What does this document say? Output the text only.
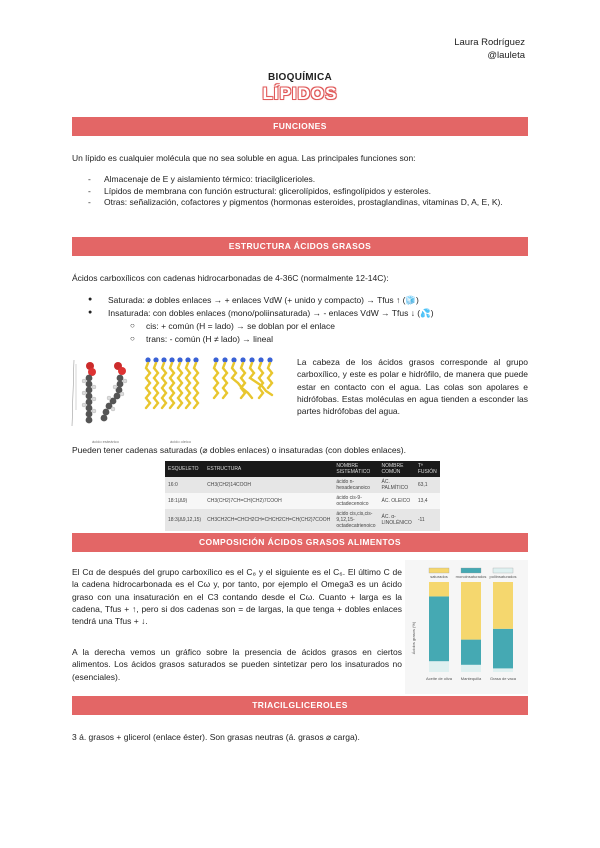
Laura Rodríguez
@lauleta
BIOQUÍMICA
LÍPIDOS
FUNCIONES
Un lípido es cualquier molécula que no sea soluble en agua. Las principales funciones son:
- Almacenaje de E y aislamiento térmico: triacilglicerioles.
- Lípidos de membrana con función estructural: glicerolípidos, esfingolípidos y esteroles.
- Otras: señalización, cofactores y pigmentos (hormonas esteroides, prostaglandinas, vitaminas D, A, E, K).
ESTRUCTURA ÁCIDOS GRASOS
Ácidos carboxílicos con cadenas hidrocarbonadas de 4-36C (normalmente 12-14C):
● Saturada: ⌀ dobles enlaces → + enlaces VdW (+ unido y compacto) → Tfus ↑ (🧊)
● Insaturada: con dobles enlaces (mono/poliinsaturada) → - enlaces VdW → Tfus ↓ (💦)
○ cis: + común (H = lado) → se doblan por el enlace
○ trans: - común (H ≠ lado) → lineal
ácido esteárico	ácido oleico
La cabeza de los ácidos grasos corresponde al grupo carboxílico, y este es polar e hidrófilo, de manera que puede estar en contacto con el agua. Las colas son apolares e hidrófobas. Estas moléculas en agua tienden a esconder las partes hidrófobas del agua.
Pueden tener cadenas saturadas (⌀ dobles enlaces) o insaturadas (con dobles enlaces).
ESQUELETO	ESTRUCTURA	NOMBRE SISTEMÁTICO	NOMBRE COMÚN	Tª FUSIÓN
16:0	CH3(CH2)14COOH	ácido n-hexadecanoico	ÁC. PALMÍTICO	63,1
18:1(Δ9)	CH3(CH2)7CH=CH(CH2)7COOH	ácido cis-9-octadecenoico	ÁC. OLEICO	13,4
18:3(Δ9,12,15)	CH3CH2CH=CHCH2CH=CHCH2CH=CH(CH2)7COOH	ácido cis,cis,cis-9,12,15-octadecatrienoico	ÁC. α-LINOLÉNICO	-11
COMPOSICIÓN ÁCIDOS GRASOS ALIMENTOS
El Cα de después del grupo carboxílico es el C₈ y el siguiente es el C₆. El último C de la cadena hidrocarbonada es el Cω y, por tanto, por ejemplo el Omega3 es un ácido graso con una insaturación en el C3 contando desde el Cω. Cuanto + larga es la cadena, Tfus + ↑, pero si dos cadenas son = de largas, la que tenga + dobles enlaces tendrá una Tfus + ↓.
A la derecha vemos un gráfico sobre la presencia de ácidos grasos en ciertos alimentos. Los ácidos grasos saturados se pueden sintetizar pero los insaturados no (esenciales).
Ácidos grasos (%)
saturados monoinsaturados poliinsaturados
Aceite de oliva Mantequilla Grasa de vaca
TRIACILGLICEROLES
3 á. grasos + glicerol (enlace éster). Son grasas neutras (á. grasos ⌀ carga).
